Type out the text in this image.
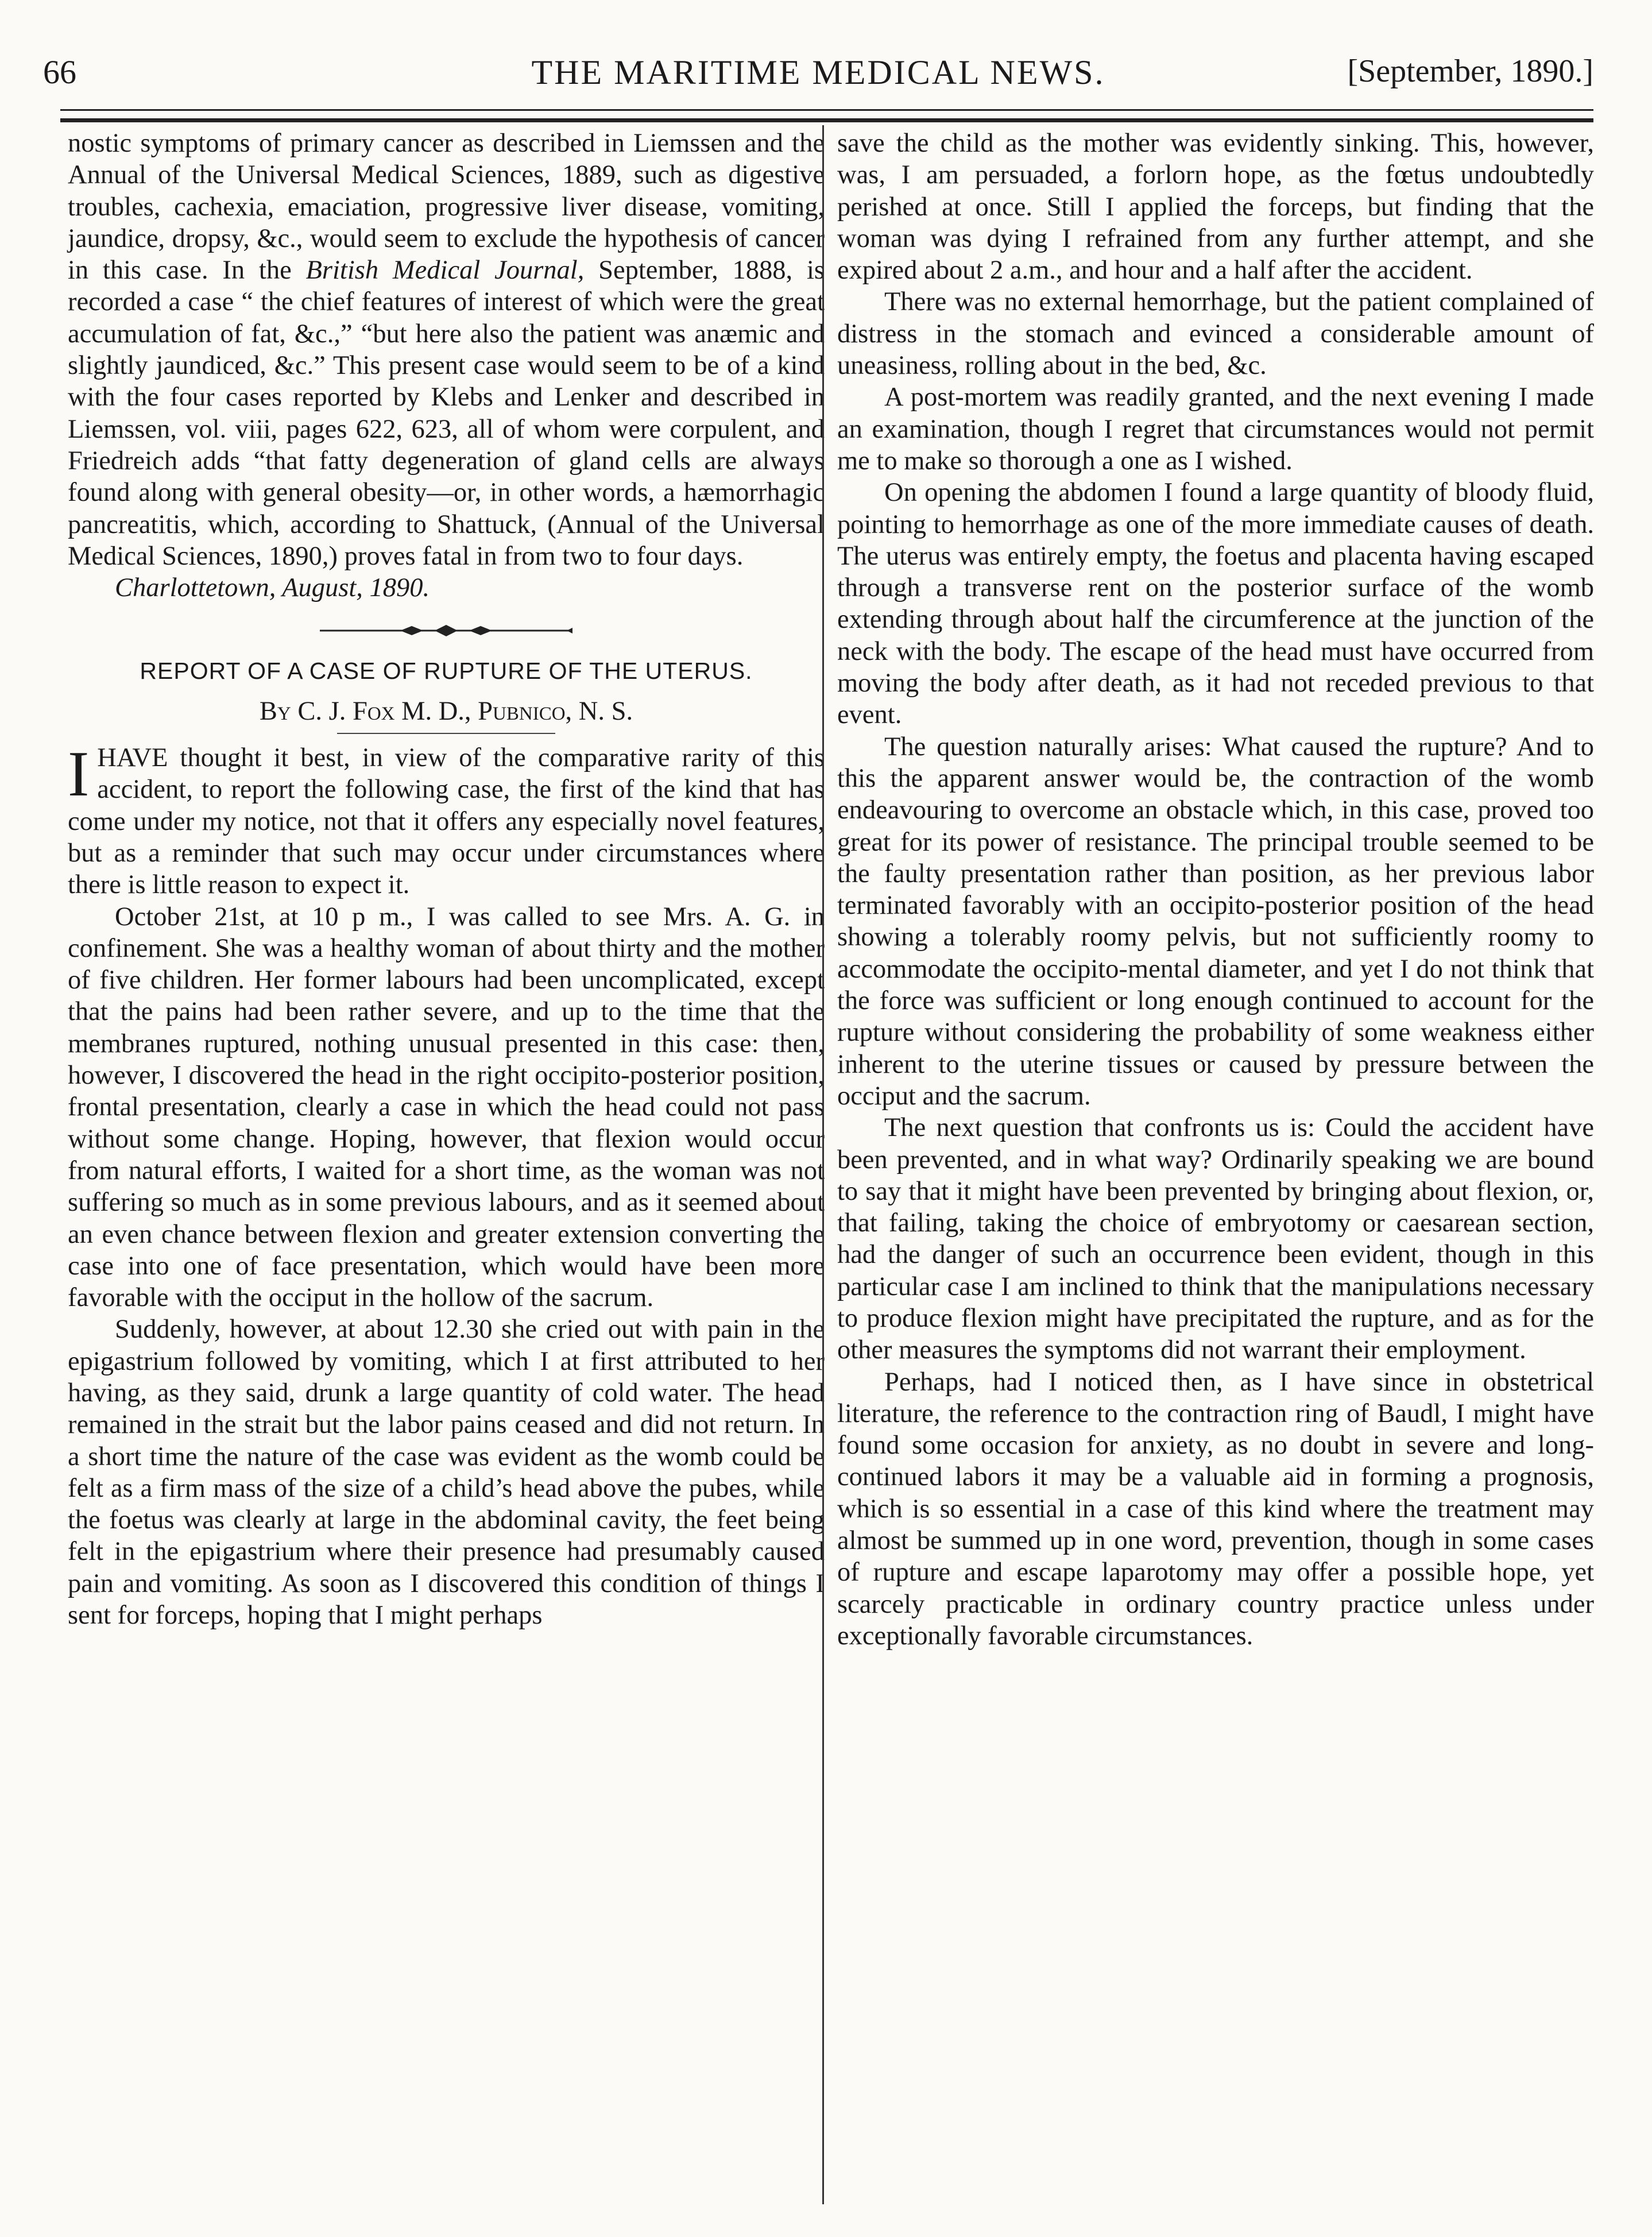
66	THE MARITIME MEDICAL NEWS.	[September, 1890.]

nostic symptoms of primary cancer as described in Liemssen and the Annual of the Universal Medical Sciences, 1889, such as digestive troubles, cachexia, emaciation, progressive liver disease, vomiting, jaundice, dropsy, &c., would seem to exclude the hypothesis of cancer in this case. In the British Medical Journal, September, 1888, is recorded a case “ the chief features of interest of which were the great accumulation of fat, &c.,” “but here also the patient was anæmic and slightly jaundiced, &c.” This present case would seem to be of a kind with the four cases reported by Klebs and Lenker and described in Liemssen, vol. viii, pages 622, 623, all of whom were corpulent, and Friedreich adds “that fatty degeneration of gland cells are always found along with general obesity—or, in other words, a hæmorrhagic pancreatitis, which, according to Shattuck, (Annual of the Universal Medical Sciences, 1890,) proves fatal in from two to four days.

Charlottetown, August, 1890.

REPORT OF A CASE OF RUPTURE OF THE UTERUS.
By C. J. Fox M. D., Pubnico, N. S.

I HAVE thought it best, in view of the comparative rarity of this accident, to report the following case, the first of the kind that has come under my notice, not that it offers any especially novel features, but as a reminder that such may occur under circumstances where there is little reason to expect it.

October 21st, at 10 p m., I was called to see Mrs. A. G. in confinement. She was a healthy woman of about thirty and the mother of five children. Her former labours had been uncomplicated, except that the pains had been rather severe, and up to the time that the membranes ruptured, nothing unusual presented in this case: then, however, I discovered the head in the right occipito-posterior position, frontal presentation, clearly a case in which the head could not pass without some change. Hoping, however, that flexion would occur from natural efforts, I waited for a short time, as the woman was not suffering so much as in some previous labours, and as it seemed about an even chance between flexion and greater extension converting the case into one of face presentation, which would have been more favorable with the occiput in the hollow of the sacrum.

Suddenly, however, at about 12.30 she cried out with pain in the epigastrium followed by vomiting, which I at first attributed to her having, as they said, drunk a large quantity of cold water. The head remained in the strait but the labor pains ceased and did not return. In a short time the nature of the case was evident as the womb could be felt as a firm mass of the size of a child’s head above the pubes, while the foetus was clearly at large in the abdominal cavity, the feet being felt in the epigastrium where their presence had presumably caused pain and vomiting. As soon as I discovered this condition of things I sent for forceps, hoping that I might perhaps

save the child as the mother was evidently sinking. This, however, was, I am persuaded, a forlorn hope, as the fœtus undoubtedly perished at once. Still I applied the forceps, but finding that the woman was dying I refrained from any further attempt, and she expired about 2 a.m., and hour and a half after the accident.

There was no external hemorrhage, but the patient complained of distress in the stomach and evinced a considerable amount of uneasiness, rolling about in the bed, &c.

A post-mortem was readily granted, and the next evening I made an examination, though I regret that circumstances would not permit me to make so thorough a one as I wished.

On opening the abdomen I found a large quantity of bloody fluid, pointing to hemorrhage as one of the more immediate causes of death. The uterus was entirely empty, the foetus and placenta having escaped through a transverse rent on the posterior surface of the womb extending through about half the circumference at the junction of the neck with the body. The escape of the head must have occurred from moving the body after death, as it had not receded previous to that event.

The question naturally arises: What caused the rupture? And to this the apparent answer would be, the contraction of the womb endeavouring to overcome an obstacle which, in this case, proved too great for its power of resistance. The principal trouble seemed to be the faulty presentation rather than position, as her previous labor terminated favorably with an occipito-posterior position of the head showing a tolerably roomy pelvis, but not sufficiently roomy to accommodate the occipito-mental diameter, and yet I do not think that the force was sufficient or long enough continued to account for the rupture without considering the probability of some weakness either inherent to the uterine tissues or caused by pressure between the occiput and the sacrum.

The next question that confronts us is: Could the accident have been prevented, and in what way? Ordinarily speaking we are bound to say that it might have been prevented by bringing about flexion, or, that failing, taking the choice of embryotomy or caesarean section, had the danger of such an occurrence been evident, though in this particular case I am inclined to think that the manipulations necessary to produce flexion might have precipitated the rupture, and as for the other measures the symptoms did not warrant their employment.

Perhaps, had I noticed then, as I have since in obstetrical literature, the reference to the contraction ring of Baudl, I might have found some occasion for anxiety, as no doubt in severe and long-continued labors it may be a valuable aid in forming a prognosis, which is so essential in a case of this kind where the treatment may almost be summed up in one word, prevention, though in some cases of rupture and escape laparotomy may offer a possible hope, yet scarcely practicable in ordinary country practice unless under exceptionally favorable circumstances.
